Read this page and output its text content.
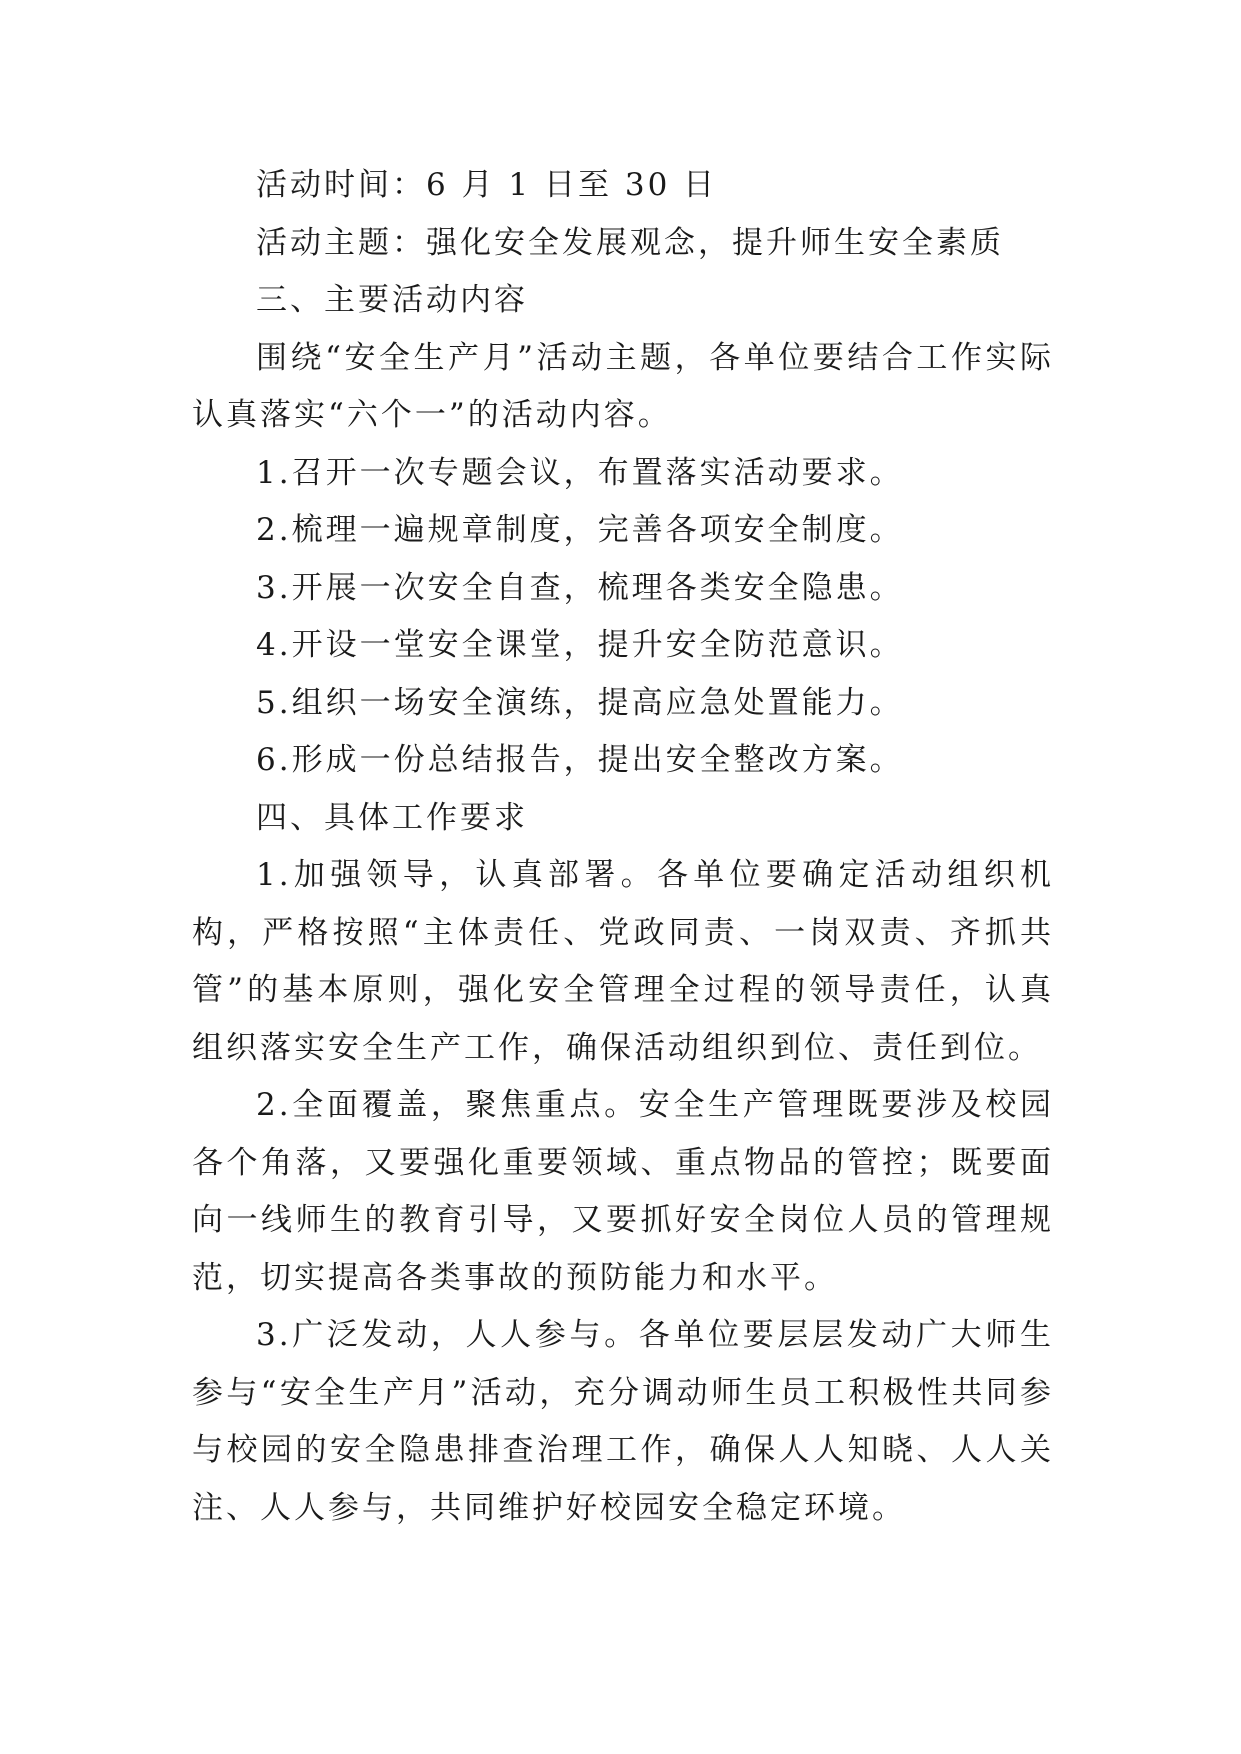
活动时间：6 月 1 日至 30 日

活动主题：强化安全发展观念，提升师生安全素质

三、主要活动内容

围绕“安全生产月”活动主题，各单位要结合工作实际认真落实“六个一”的活动内容。

1.召开一次专题会议，布置落实活动要求。

2.梳理一遍规章制度，完善各项安全制度。

3.开展一次安全自查，梳理各类安全隐患。

4.开设一堂安全课堂，提升安全防范意识。

5.组织一场安全演练，提高应急处置能力。

6.形成一份总结报告，提出安全整改方案。

四、具体工作要求

1.加强领导，认真部署。各单位要确定活动组织机构，严格按照“主体责任、党政同责、一岗双责、齐抓共管”的基本原则，强化安全管理全过程的领导责任，认真组织落实安全生产工作，确保活动组织到位、责任到位。

2.全面覆盖，聚焦重点。安全生产管理既要涉及校园各个角落，又要强化重要领域、重点物品的管控；既要面向一线师生的教育引导，又要抓好安全岗位人员的管理规范，切实提高各类事故的预防能力和水平。

3.广泛发动，人人参与。各单位要层层发动广大师生参与“安全生产月”活动，充分调动师生员工积极性共同参与校园的安全隐患排查治理工作，确保人人知晓、人人关注、人人参与，共同维护好校园安全稳定环境。
